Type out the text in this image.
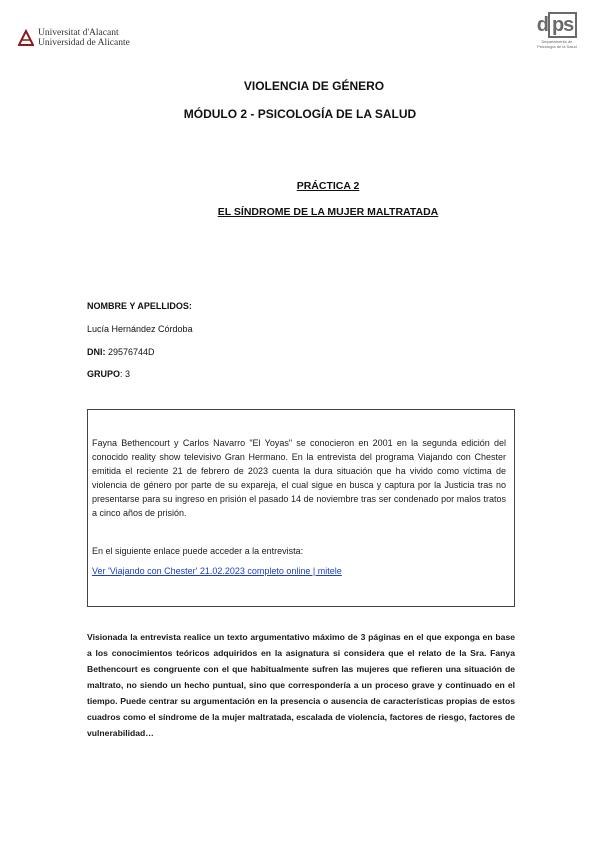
Universitat d'Alacant
Universidad de Alicante
d ps
Departamento de Psicología de la Salud
VIOLENCIA DE GÉNERO
MÓDULO 2 - PSICOLOGÍA DE LA SALUD
PRÁCTICA 2
EL SÍNDROME DE LA MUJER MALTRATADA
NOMBRE Y APELLIDOS:
Lucía Hernández Córdoba
DNI: 29576744D
GRUPO: 3

Fayna Bethencourt y Carlos Navarro "El Yoyas" se conocieron en 2001 en la segunda edición del conocido reality show televisivo Gran Hermano. En la entrevista del programa Viajando con Chester emitida el reciente 21 de febrero de 2023 cuenta la dura situación que ha vivido como víctima de violencia de género por parte de su expareja, el cual sigue en busca y captura por la Justicia tras no presentarse para su ingreso en prisión el pasado 14 de noviembre tras ser condenado por malos tratos a cinco años de prisión.

En el siguiente enlace puede acceder a la entrevista:

Ver 'Viajando con Chester' 21.02.2023 completo online | mitele

Visionada la entrevista realice un texto argumentativo máximo de 3 páginas en el que exponga en base a los conocimientos teóricos adquiridos en la asignatura si considera que el relato de la Sra. Fanya Bethencourt es congruente con el que habitualmente sufren las mujeres que refieren una situación de maltrato, no siendo un hecho puntual, sino que correspondería a un proceso grave y continuado en el tiempo. Puede centrar su argumentación en la presencia o ausencia de características propias de estos cuadros como el síndrome de la mujer maltratada, escalada de violencia, factores de riesgo, factores de vulnerabilidad…
